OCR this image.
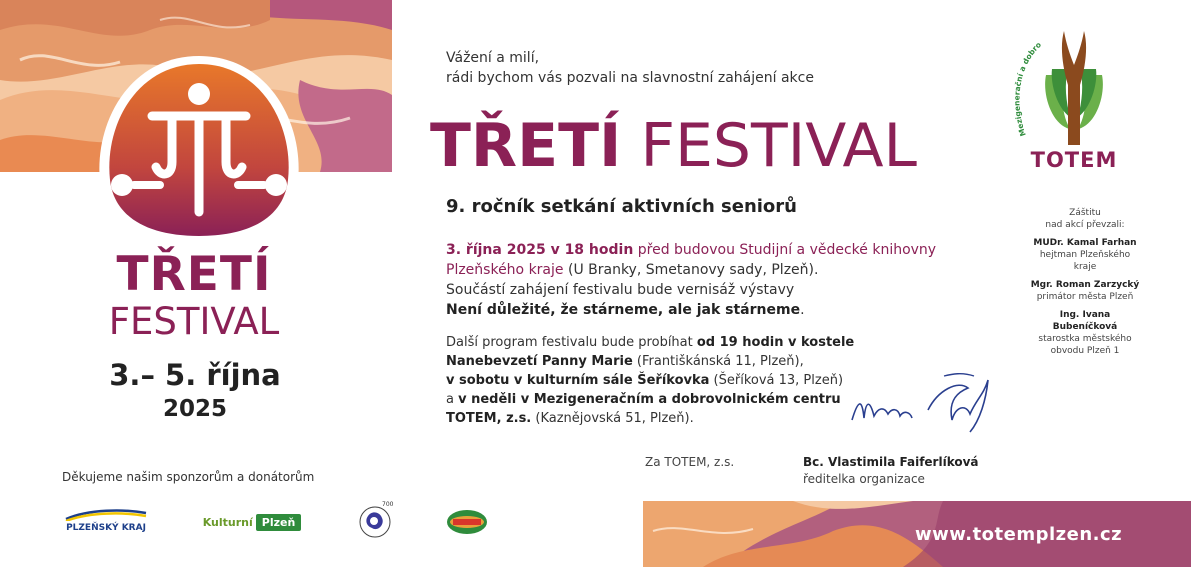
TŘETÍ
FESTIVAL
3.– 5. října
2025
Děkujeme našim sponzorům a donátorům
PLZEŇSKÝ KRAJ	Kulturní Plzeň
700
Vážení a milí,
rádi bychom vás pozvali na slavnostní zahájení akce
TŘETÍ FESTIVAL
9. ročník setkání aktivních seniorů
3. října 2025 v 18 hodin před budovou Studijní a vědecké knihovny Plzeňského kraje (U Branky, Smetanovy sady, Plzeň).
Součástí zahájení festivalu bude vernisáž výstavy
Není důležité, že stárneme, ale jak stárneme.
Další program festivalu bude probíhat od 19 hodin v kostele Nanebevzetí Panny Marie (Františkánská 11, Plzeň),
v sobotu v kulturním sále Šeříkovka (Šeříková 13, Plzeň)
a v neděli v Mezigeneračním a dobrovolnickém centru TOTEM, z.s. (Kaznějovská 51, Plzeň).
Za TOTEM, z.s.	Bc. Vlastimila Faiferlíková
ředitelka organizace
Mezigenerační a dobro
TOTEM
Záštitu
nad akcí převzali:
MUDr. Kamal Farhan
hejtman Plzeňského kraje
Mgr. Roman Zarzycký
primátor města Plzeň
Ing. Ivana Bubeníčková
starostka městského obvodu Plzeň 1
www.totemplzen.cz
